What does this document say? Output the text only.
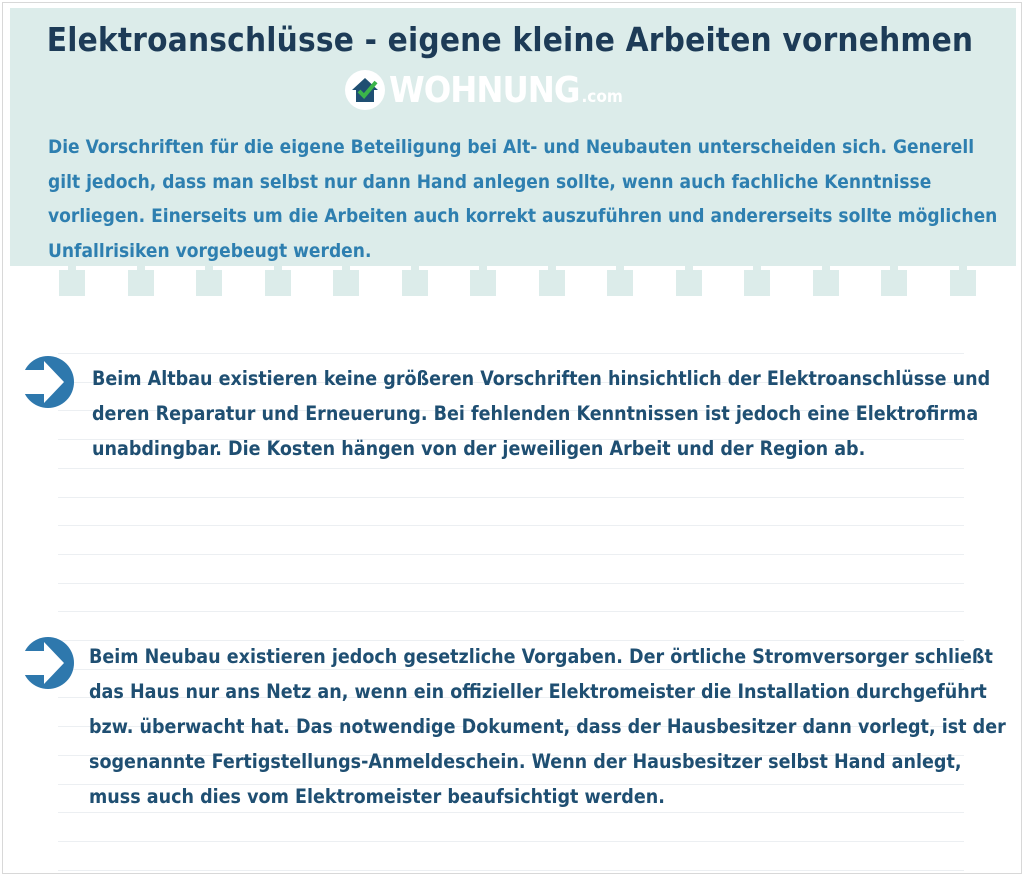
Elektroanschlüsse - eigene kleine Arbeiten vornehmen
Die Vorschriften für die eigene Beteiligung bei Alt- und Neubauten unterscheiden sich. Generell gilt jedoch, dass man selbst nur dann Hand anlegen sollte, wenn auch fachliche Kenntnisse vorliegen. Einerseits um die Arbeiten auch korrekt auszuführen und andererseits sollte möglichen Unfallrisiken vorgebeugt werden.
WOHNUNG .com
Beim Altbau existieren keine größeren Vorschriften hinsichtlich der Elektroanschlüsse und deren Reparatur und Erneuerung. Bei fehlenden Kenntnissen ist jedoch eine Elektrofirma unabdingbar. Die Kosten hängen von der jeweiligen Arbeit und der Region ab.
Beim Neubau existieren jedoch gesetzliche Vorgaben. Der örtliche Stromversorger schließt das Haus nur ans Netz an, wenn ein offizieller Elektromeister die Installation durchgeführt bzw. überwacht hat. Das notwendige Dokument, dass der Hausbesitzer dann vorlegt, ist der sogenannte Fertigstellungs-Anmeldeschein. Wenn der Hausbesitzer selbst Hand anlegt, muss auch dies vom Elektromeister beaufsichtigt werden.
